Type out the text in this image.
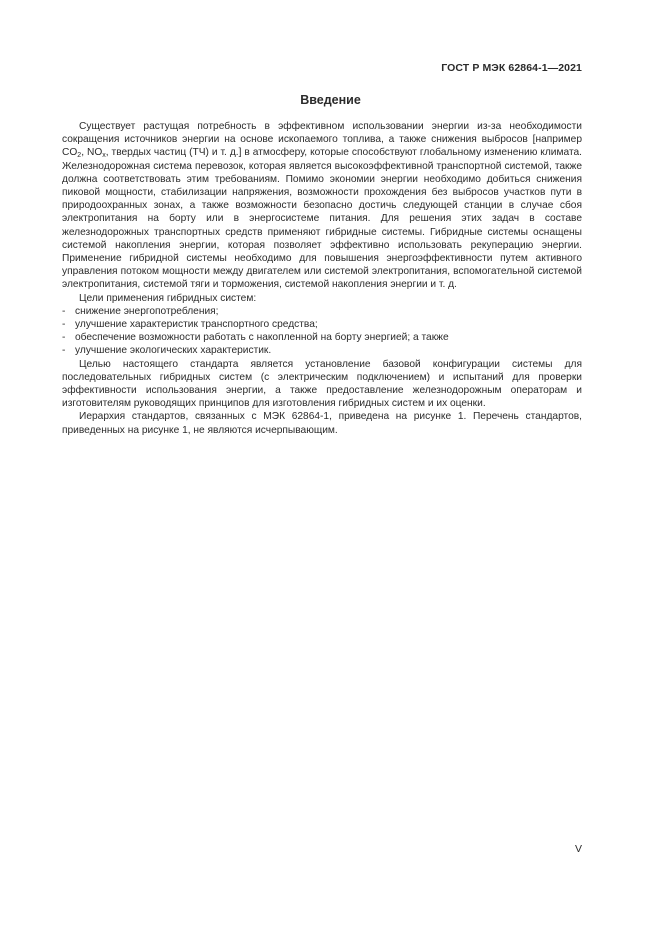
ГОСТ Р МЭК 62864-1—2021
Введение

Существует растущая потребность в эффективном использовании энергии из-за необходимости сокращения источников энергии на основе ископаемого топлива, а также снижения выбросов [например $CO_2$, $NO_x$, твердых частиц (ТЧ) и т. д.] в атмосферу, которые способствуют глобальному изменению климата. Железнодорожная система перевозок, которая является высокоэффективной транспортной системой, также должна соответствовать этим требованиям. Помимо экономии энергии необходимо добиться снижения пиковой мощности, стабилизации напряжения, возможности прохождения без выбросов участков пути в природоохранных зонах, а также возможности безопасно достичь следующей станции в случае сбоя электропитания на борту или в энергосистеме питания. Для решения этих задач в составе железнодорожных транспортных средств применяют гибридные системы. Гибридные системы оснащены системой накопления энергии, которая позволяет эффективно использовать рекуперацию энергии. Применение гибридной системы необходимо для повышения энергоэффективности путем активного управления потоком мощности между двигателем или системой электропитания, вспомогательной системой электропитания, системой тяги и торможения, системой накопления энергии и т. д.

Цели применения гибридных систем:

- снижение энергопотребления;
- улучшение характеристик транспортного средства;
- обеспечение возможности работать с накопленной на борту энергией; а также
- улучшение экологических характеристик.

Целью настоящего стандарта является установление базовой конфигурации системы для последовательных гибридных систем (с электрическим подключением) и испытаний для проверки эффективности использования энергии, а также предоставление железнодорожным операторам и изготовителям руководящих принципов для изготовления гибридных систем и их оценки.

Иерархия стандартов, связанных с МЭК 62864-1, приведена на рисунке 1. Перечень стандартов, приведенных на рисунке 1, не являются исчерпывающим.

V
